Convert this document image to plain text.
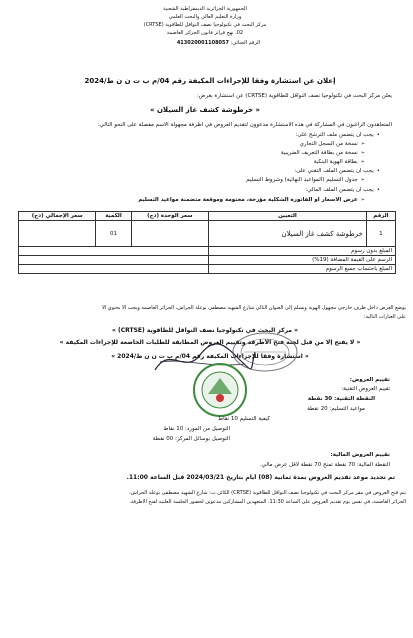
الجمهورية الجزائرية الديمقراطية الشعبية
وزارة التعليم العالي والبحث العلمي
مركز البحث في تكنولوجيا نصف النواقل للطاقوية (CRTSE)
02، نهج فرانز فانون الجزائر العاصمة
الرقم الجبائي: 413020001108057
إعلان عن استشارة وفقا للإجراءات المكيفة رقم 04/م ب ت ن ن ط/2024
يعلن مركز البحث في تكنولوجيا نصف النواقل للطاقوية (CRTSE) عن استشارة بغرض:
« خرطوشة كشف غاز السيلان »
المتعاهدون الراغبون في المشاركة في هذه الاستشارة مدعوون لتقديم العروض في أظرفة مجهولة الاسم مفصلة على النحو التالي:
• يجب أن يتضمن ملف الترشح على:
➢ نسخة من السجل التجاري
➢ نسخة من بطاقة التعريف الضريبية
➢ بطاقة الهوية البنكية
• يجب أن يتضمن الملف التقني على:
➢ جدول التسليم (المواعيد النهائية) وشروط التسليم
• يجب أن يتضمن الملف المالي:
➢ عرض الأسعار أو الفاتورة الشكلية مؤرخة، مختومة وموقعة متضمنة مواعيد التسليم
الرقم	التعيين	سعر الوحدة (دج)	الكمية	سعر الإجمالي (دج)
1	خرطوشة كشف غاز السيلان		01	
المبلغ بدون رسوم				
الرسم على القيمة المضافة (19%)				
المبلغ باحتساب جميع الرسوم				
يوضع العرض داخل ظرف خارجي مجهول الهوية ويسلم إلى العنوان التالي شارع الشهيد مصطفى بوعلة الحراش، الجزائر العاصمة ويجب ألا يحتوي الا
على العبارات التالية:
« مركز البحث في تكنولوجيا نصف النواقل للطاقوية (CRTSE) »
« لا يفتح إلا من قبل لجنة فتح الأظرفة وتقييم العروض المطابقة للطلبات الخاضعة للإجراءات المكيفة »
« استشارة وفقا للإجراءات المكيفة رقم 04/م ب ت ن ن ط/2024 »
تقييم العروض:
تقييم العروض التقنية:
النقطة التقنية: 30 نقطة
مواعيد التسليم: 20 نقطة
كيفية التسليم 10 نقاط
التوصيل من المورد: 10 نقاط
التوصيل بوسائل المركز: 00 نقطة
تقييم العروض المالية:
النقطة المالية: 70 نقطة تمنح 70 نقطة لأقل عرض مالي.
تم تحديد موعد تقديم العروض بمدة ثمانية (08) أيام بتاريخ 2024/03/21 قبل الساعة 11:00.
يتم فتح العروض في مقر مركز البحث في تكنولوجيا نصف النواقل للطاقوية (CRTSE) الكائن ب: شارع الشهيد مصطفى بوعلة الحراش،
الجزائر العاصمة، في نفس يوم تقديم العروض على الساعة 11:30. المتعهدين المشاركين مدعوين لحضور الجلسة العلنية لفتح الأظرفة.
